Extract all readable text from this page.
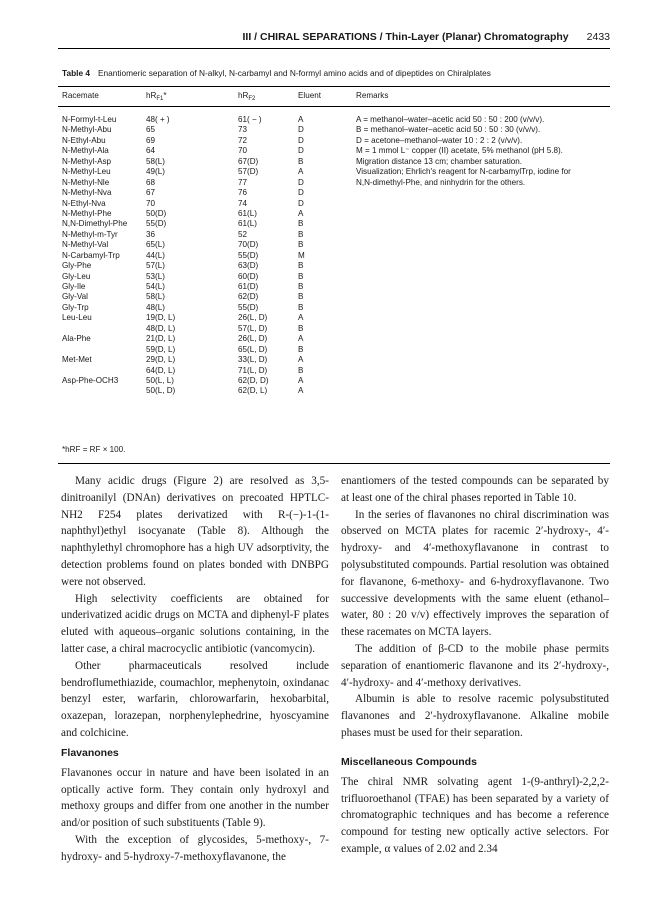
III / CHIRAL SEPARATIONS / Thin-Layer (Planar) Chromatography 2433
Table 4 Enantiomeric separation of N-alkyl, N-carbamyl and N-formyl amino acids and of dipeptides on Chiralplates
Racemate	$hR_{F1}*$	$hR_{F2}$	Eluent	Remarks
N-Formyl-t-Leu	48( + )	61( − )	A
N-Methyl-Abu	65	73	D
N-Ethyl-Abu	69	72	D
N-Methyl-Ala	64	70	D
N-Methyl-Asp	58(L)	67(D)	B
N-Methyl-Leu	49(L)	57(D)	A
N-Methyl-Nle	68	77	D
N-Methyl-Nva	67	76	D
N-Ethyl-Nva	70	74	D
N-Methyl-Phe	50(D)	61(L)	A
N,N-Dimethyl-Phe 55(D)	61(L)	B
N-Methyl-m-Tyr	36	52	B
N-Methyl-Val	65(L)	70(D)	B
N-Carbamyl-Trp	44(L)	55(D)	M
Gly-Phe	57(L)	63(D)	B
Gly-Leu	53(L)	60(D)	B
Gly-Ile	54(L)	61(D)	B
Gly-Val	58(L)	62(D)	B
Gly-Trp	48(L)	55(D)	B
Leu-Leu	19(D, L)	26(L, D)	A
48(D, L)	57(L, D)	B
Ala-Phe	21(D, L)	26(L, D)	A
59(D, L)	65(L, D)	B
Met-Met	29(D, L)	33(L, D)	A
64(D, L)	71(L, D)	B
Asp-Phe-OCH3	50(L, L)	62(D, D)	A
50(L, D)	62(D, L)	A
A = methanol–water–acetic acid 50 : 50 : 200 (v/v/v).
B = methanol–water–acetic acid 50 : 50 : 30 (v/v/v).
D = acetone–methanol–water 10 : 2 : 2 (v/v/v).
M = 1 mmol L⁻ copper (II) acetate, 5% methanol (pH 5.8).
Migration distance 13 cm; chamber saturation.
Visualization; Ehrlich's reagent for N-carbamylTrp, iodine for
N,N-dimethyl-Phe, and ninhydrin for the others.
*hRF = RF × 100.

Many acidic drugs (Figure 2) are resolved as 3,5-dinitroanilyl (DNAn) derivatives on precoated HPTLC-NH2 F254 plates derivatized with R-(−)-1-(1-naphthyl)ethyl isocyanate (Table 8). Although the naphthylethyl chromophore has a high UV adsorptivity, the detection problems found on plates bonded with DNBPG were not observed.

High selectivity coefficients are obtained for underivatized acidic drugs on MCTA and diphenyl-F plates eluted with aqueous–organic solutions containing, in the latter case, a chiral macrocyclic antibiotic (vancomycin).

Other pharmaceuticals resolved include bendroflumethiazide, coumachlor, mephenytoin, oxindanac benzyl ester, warfarin, chlorowarfarin, hexobarbital, oxazepan, lorazepan, norphenylephedrine, hyoscyamine and colchicine.

Flavanones

Flavanones occur in nature and have been isolated in an optically active form. They contain only hydroxyl and methoxy groups and differ from one another in the number and/or position of such substituents (Table 9).

With the exception of glycosides, 5-methoxy-, 7-hydroxy- and 5-hydroxy-7-methoxyflavanone, the

enantiomers of the tested compounds can be separated by at least one of the chiral phases reported in Table 10.

In the series of flavanones no chiral discrimination was observed on MCTA plates for racemic 2′-hydroxy-, 4′-hydroxy- and 4′-methoxyflavanone in contrast to polysubstituted compounds. Partial resolution was obtained for flavanone, 6-methoxy- and 6-hydroxyflavanone. Two successive developments with the same eluent (ethanol–water, 80 : 20 v/v) effectively improves the separation of these racemates on MCTA layers.

The addition of β-CD to the mobile phase permits separation of enantiomeric flavanone and its 2′-hydroxy-, 4′-hydroxy- and 4′-methoxy derivatives.

Albumin is able to resolve racemic polysubstituted flavanones and 2′-hydroxyflavanone. Alkaline mobile phases must be used for their separation.

Miscellaneous Compounds

The chiral NMR solvating agent 1-(9-anthryl)-2,2,2-trifluoroethanol (TFAE) has been separated by a variety of chromatographic techniques and has become a reference compound for testing new optically active selectors. For example, α values of 2.02 and 2.34
